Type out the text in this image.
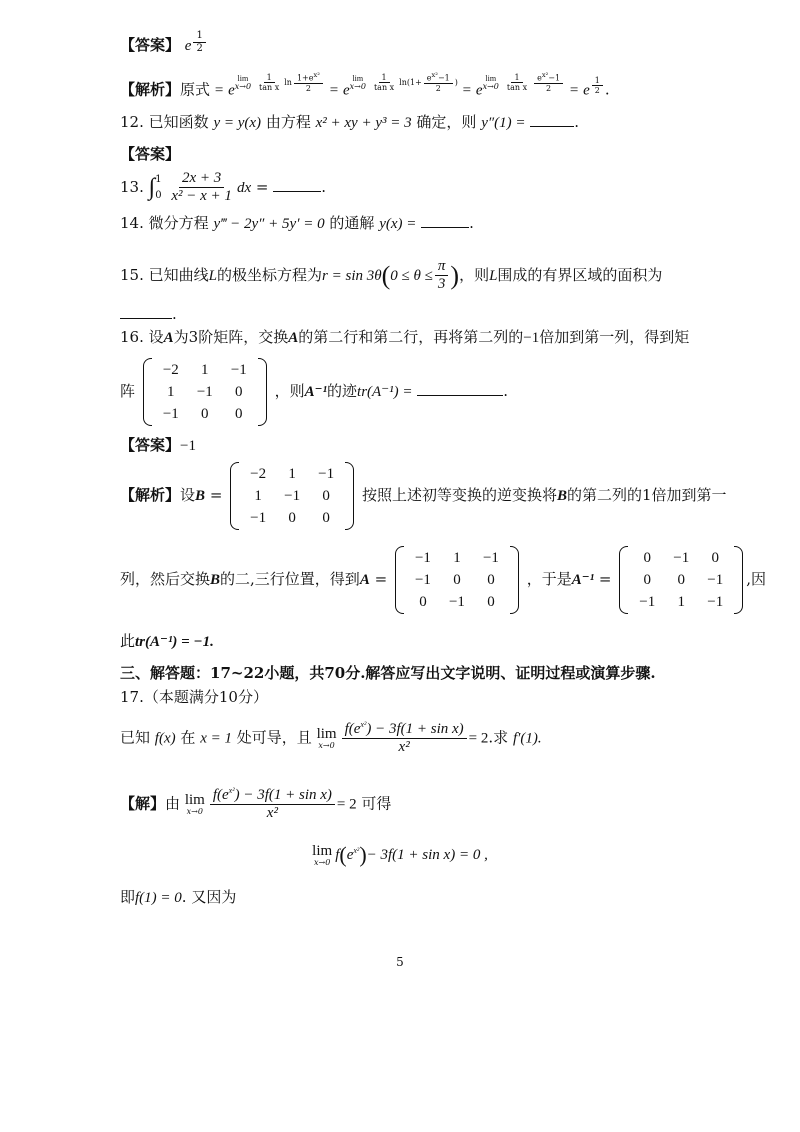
【答案】 e $^{\frac{1}{2}}$
【解析】原式 = e
$^{lim x\to 0 \frac{1}{\text{tan x}} ln \frac{1+e^{x^2}}{2}}$ = e
$^{lim x\to 0 \frac{1}{\text{tan x}} ln(1+ \frac{e^{x^2}-1}{2} )}$ = e
$^{lim x\to 0 \frac{1}{\text{tan x}} \frac{e^{x^2}-1}{2}}$ = e $^{\frac{1}{2}}$ .
12. 已知函数 y = y(x) 由方程 x² + xy + y³ = 3 确定，则 y″(1) =	.
【答案】
13. ∫ 1
0
$\frac{2x + 3}{\text{x² − x + 1}}$ dx =	.
14. 微分方程 y‴ − 2y″ + 5y′ = 0 的通解 y(x) =	.
15. 已知曲线L的极坐标方程为$r = \sin 3\theta(0 \le \theta \le \frac{\pi}{3}$ )，则L围成的有界区域的面积为
.
16. 设A为3阶矩阵，交换A的第二行和第二行，再将第二列的−1倍加到第一列，得到矩
阵
−2	1	−1
1	−1	0
−1	0	0
，则A⁻¹的迹tr(A⁻¹) =	.
【答案】−1
【解析】设B =
−2	1	−1
1	−1	0
−1	0	0
按照上述初等变换的逆变换将B的第二列的1倍加到第一
列，然后交换B的二,三行位置，得到A =
−1	1	−1
−1	0	0
0	−1	0
，于是A⁻¹ =
0	−1	0
0	0	−1
−1	1	−1
,因
此tr(A⁻¹) = −1.
三、解答题：17~22小题，共70分.解答应写出文字说明、证明过程或演算步骤.
17.（本题满分10分）
已知 f(x) 在 x = 1 处可导，且 lim
$x\to 0 \frac{f(e^{x^2}) - 3f(1 + \sin x)}{\text{x²}} = 2$.求 f′(1).
【解】由 lim
$x\to 0 \frac{f(e^{x^2}) - 3f(1 + \sin x)}{\text{x²}} = 2$ 可得
lim
x→0 $f(e^{x^2})- 3f(1 + \sin x) = 0$ ,
即f(1) = 0. 又因为
5
